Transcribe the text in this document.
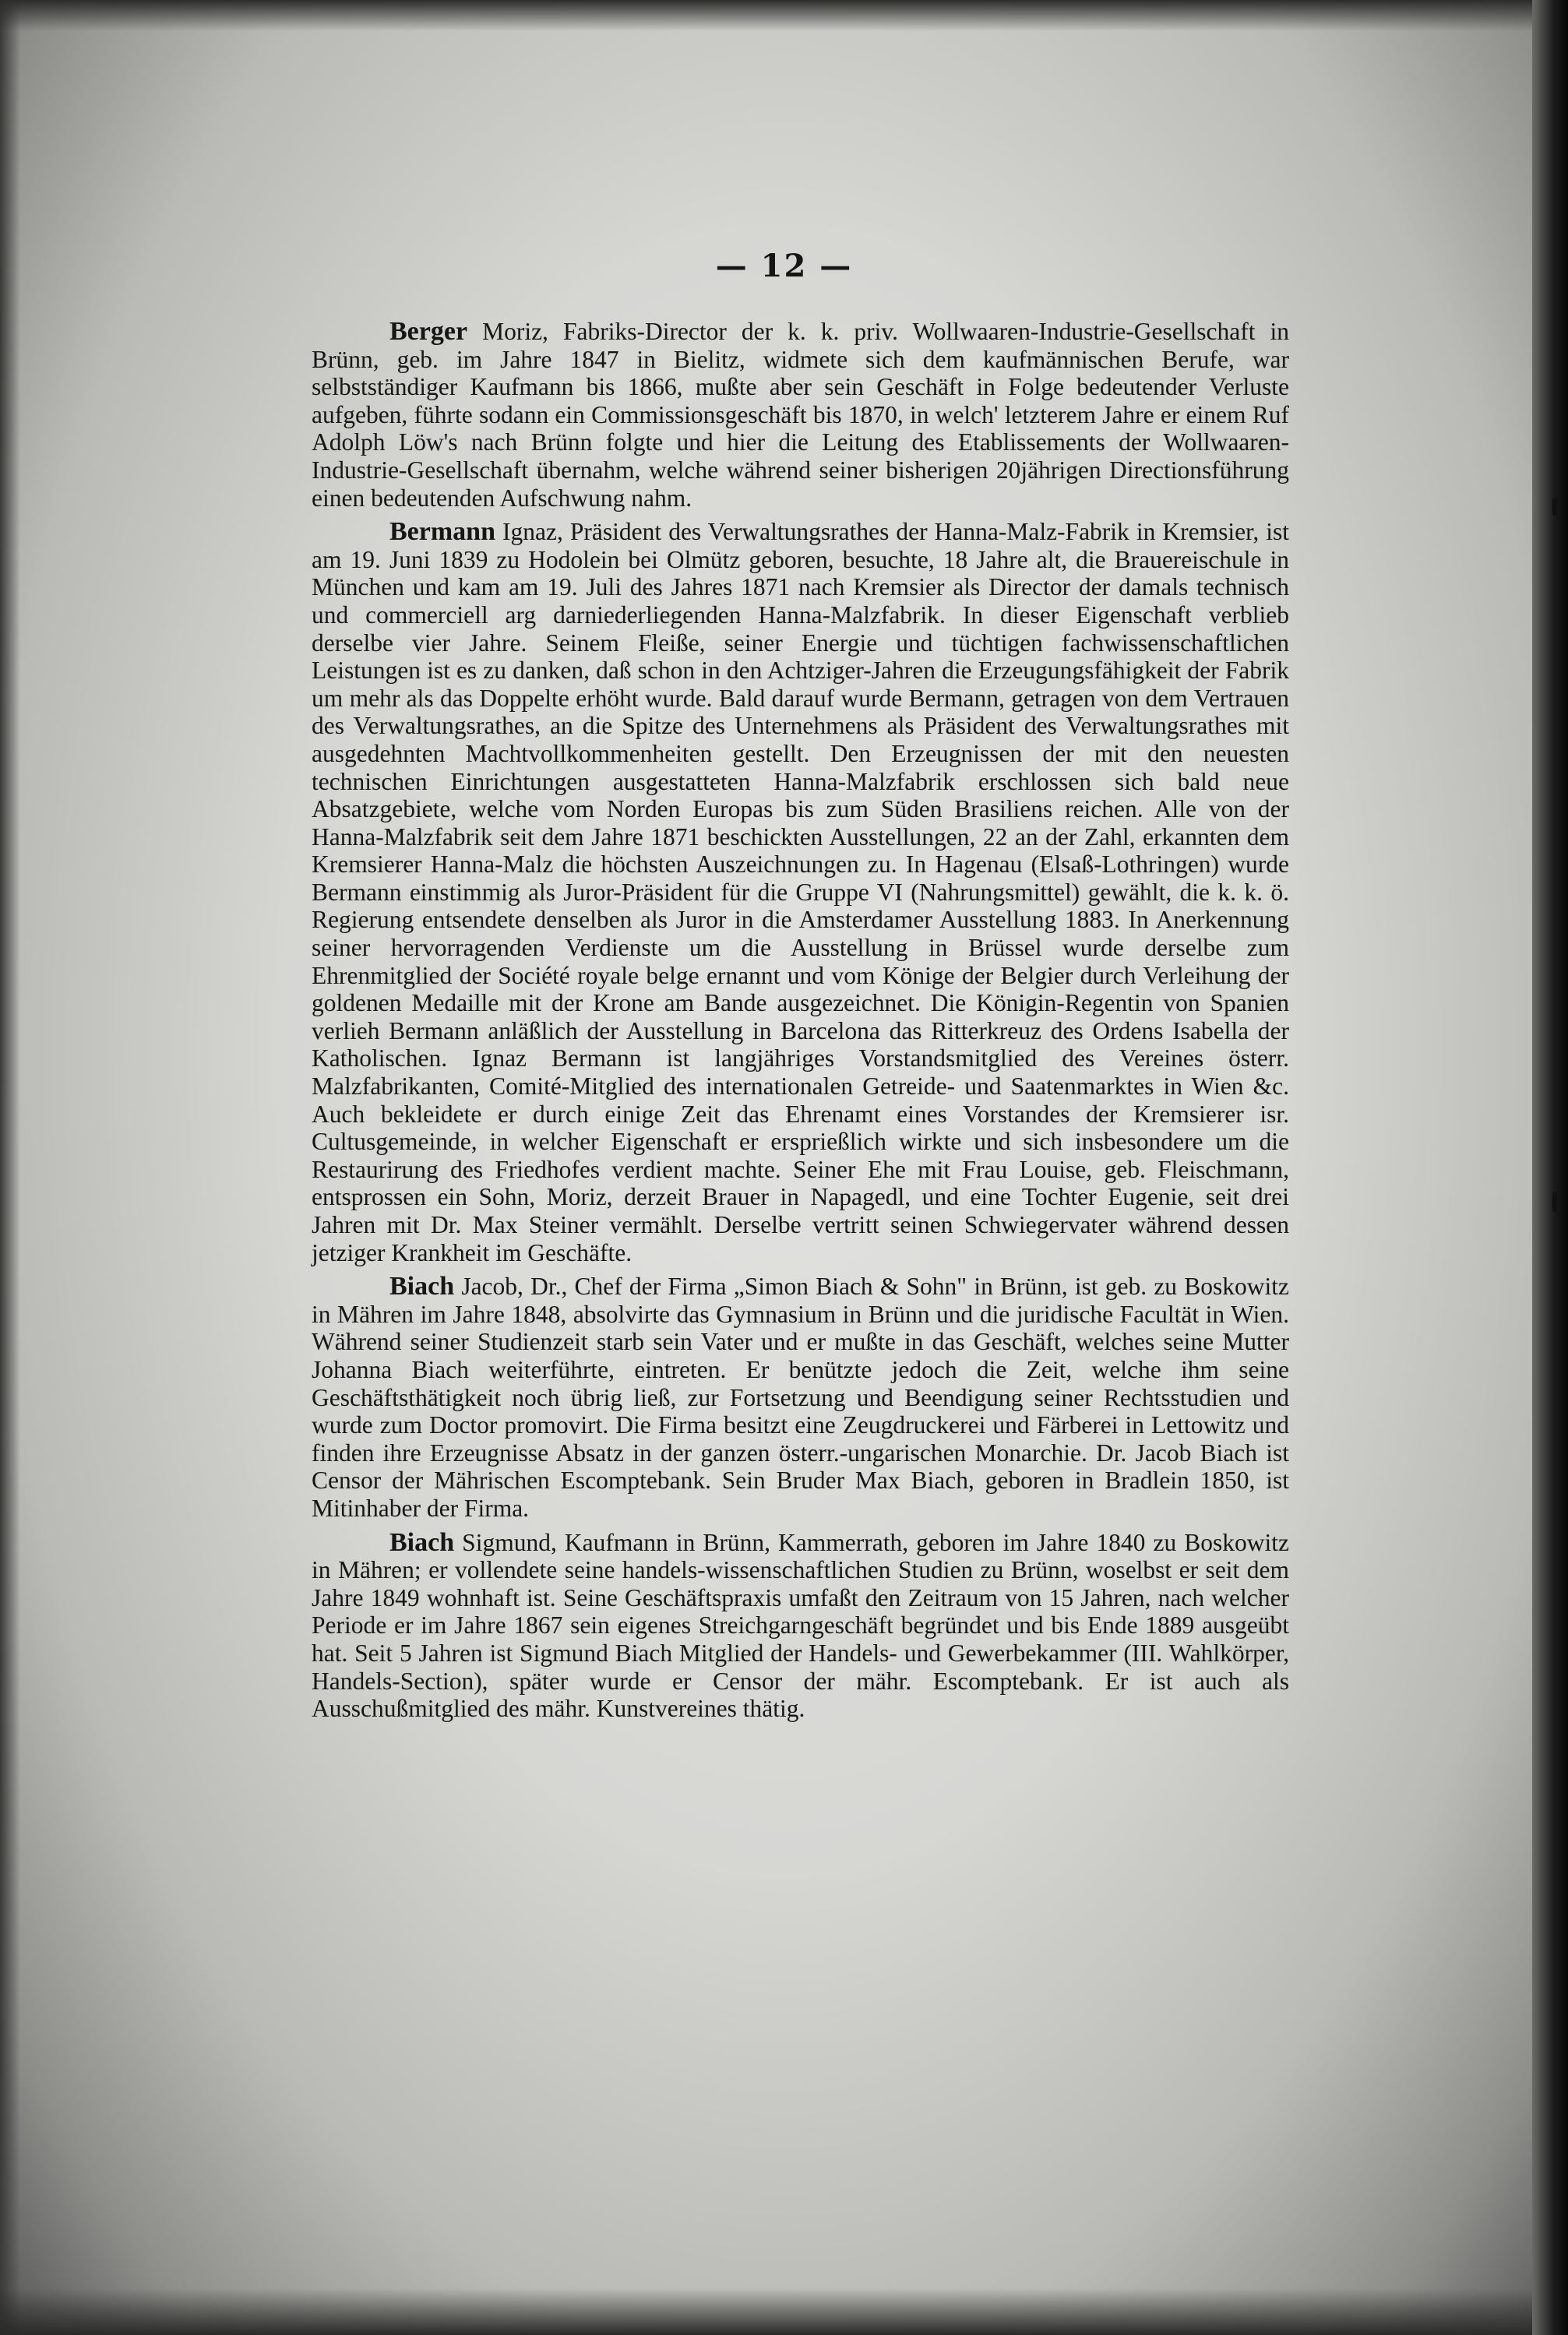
— 12 —

Berger Moriz, Fabriks-Director der k. k. priv. Wollwaaren-Industrie-Gesellschaft in Brünn, geb. im Jahre 1847 in Bielitz, widmete sich dem kaufmännischen Berufe, war selbstständiger Kaufmann bis 1866, mußte aber sein Geschäft in Folge bedeutender Verluste aufgeben, führte sodann ein Commissionsgeschäft bis 1870, in welch' letzterem Jahre er einem Ruf Adolph Löw's nach Brünn folgte und hier die Leitung des Etablissements der Wollwaaren-Industrie-Gesellschaft übernahm, welche während seiner bisherigen 20jährigen Directionsführung einen bedeutenden Aufschwung nahm.

Bermann Ignaz, Präsident des Verwaltungsrathes der Hanna-Malz-Fabrik in Kremsier, ist am 19. Juni 1839 zu Hodolein bei Olmütz geboren, besuchte, 18 Jahre alt, die Brauereischule in München und kam am 19. Juli des Jahres 1871 nach Kremsier als Director der damals technisch und commerciell arg darniederliegenden Hanna-Malzfabrik. In dieser Eigenschaft verblieb derselbe vier Jahre. Seinem Fleiße, seiner Energie und tüchtigen fachwissenschaftlichen Leistungen ist es zu danken, daß schon in den Achtziger-Jahren die Erzeugungsfähigkeit der Fabrik um mehr als das Doppelte erhöht wurde. Bald darauf wurde Bermann, getragen von dem Vertrauen des Verwaltungsrathes, an die Spitze des Unternehmens als Präsident des Verwaltungsrathes mit ausgedehnten Machtvollkommenheiten gestellt. Den Erzeugnissen der mit den neuesten technischen Einrichtungen ausgestatteten Hanna-Malzfabrik erschlossen sich bald neue Absatzgebiete, welche vom Norden Europas bis zum Süden Brasiliens reichen. Alle von der Hanna-Malzfabrik seit dem Jahre 1871 beschickten Ausstellungen, 22 an der Zahl, erkannten dem Kremsierer Hanna-Malz die höchsten Auszeichnungen zu. In Hagenau (Elsaß-Lothringen) wurde Bermann einstimmig als Juror-Präsident für die Gruppe VI (Nahrungsmittel) gewählt, die k. k. ö. Regierung entsendete denselben als Juror in die Amsterdamer Ausstellung 1883. In Anerkennung seiner hervorragenden Verdienste um die Ausstellung in Brüssel wurde derselbe zum Ehrenmitglied der Société royale belge ernannt und vom Könige der Belgier durch Verleihung der goldenen Medaille mit der Krone am Bande ausgezeichnet. Die Königin-Regentin von Spanien verlieh Bermann anläßlich der Ausstellung in Barcelona das Ritterkreuz des Ordens Isabella der Katholischen. Ignaz Bermann ist langjähriges Vorstandsmitglied des Vereines österr. Malzfabrikanten, Comité-Mitglied des internationalen Getreide- und Saatenmarktes in Wien &c. Auch bekleidete er durch einige Zeit das Ehrenamt eines Vorstandes der Kremsierer isr. Cultusgemeinde, in welcher Eigenschaft er ersprießlich wirkte und sich insbesondere um die Restaurirung des Friedhofes verdient machte. Seiner Ehe mit Frau Louise, geb. Fleischmann, entsprossen ein Sohn, Moriz, derzeit Brauer in Napagedl, und eine Tochter Eugenie, seit drei Jahren mit Dr. Max Steiner vermählt. Derselbe vertritt seinen Schwiegervater während dessen jetziger Krankheit im Geschäfte.

Biach Jacob, Dr., Chef der Firma „Simon Biach & Sohn" in Brünn, ist geb. zu Boskowitz in Mähren im Jahre 1848, absolvirte das Gymnasium in Brünn und die juridische Facultät in Wien. Während seiner Studienzeit starb sein Vater und er mußte in das Geschäft, welches seine Mutter Johanna Biach weiterführte, eintreten. Er benützte jedoch die Zeit, welche ihm seine Geschäftsthätigkeit noch übrig ließ, zur Fortsetzung und Beendigung seiner Rechtsstudien und wurde zum Doctor promovirt. Die Firma besitzt eine Zeugdruckerei und Färberei in Lettowitz und finden ihre Erzeugnisse Absatz in der ganzen österr.-ungarischen Monarchie. Dr. Jacob Biach ist Censor der Mährischen Escomptebank. Sein Bruder Max Biach, geboren in Bradlein 1850, ist Mitinhaber der Firma.

Biach Sigmund, Kaufmann in Brünn, Kammerrath, geboren im Jahre 1840 zu Boskowitz in Mähren; er vollendete seine handels-wissenschaftlichen Studien zu Brünn, woselbst er seit dem Jahre 1849 wohnhaft ist. Seine Geschäftspraxis umfaßt den Zeitraum von 15 Jahren, nach welcher Periode er im Jahre 1867 sein eigenes Streichgarngeschäft begründet und bis Ende 1889 ausgeübt hat. Seit 5 Jahren ist Sigmund Biach Mitglied der Handels- und Gewerbekammer (III. Wahlkörper, Handels-Section), später wurde er Censor der mähr. Escomptebank. Er ist auch als Ausschußmitglied des mähr. Kunstvereines thätig.
